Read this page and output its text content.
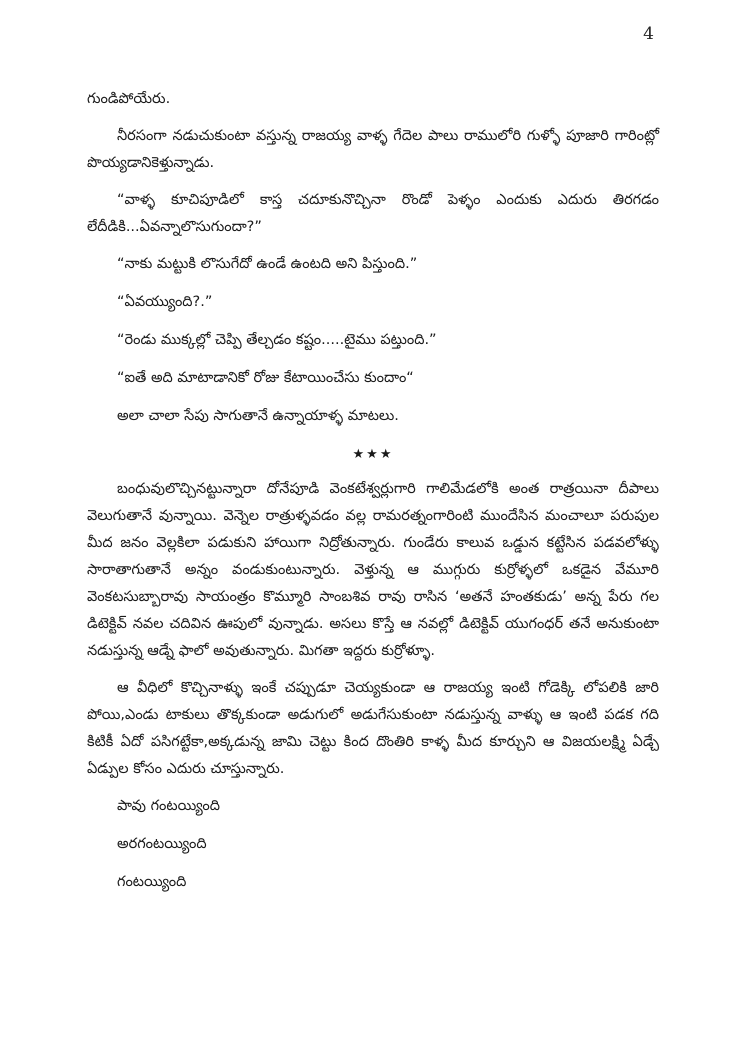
4

గుండిపోయేరు.

నీరసంగా నడుచుకుంటా వస్తున్న రాజయ్య వాళ్ళ గేదెల పాలు రాములోరి గుళ్ళో పూజారి గారింట్లో పొయ్యడానికెళ్తున్నాడు.

“వాళ్ళ కూచిపూడిలో కాస్త చదూకునొచ్చినా రొండో పెళ్ళం ఎందుకు ఎదురు తిరగడం లేదీడికి...ఏవన్నాలొసుగుందా?”

“నాకు మట్టుకి లొసుగేదో ఉండే ఉంటది అని పిస్తుంది.”

“ఏవయ్యుంది?.”

“రెండు ముక్కల్లో చెప్పి తేల్చడం కష్టం.....టైము పట్తుంది.”

“ఐతే అది మాటాడానికో రోజు కేటాయించేసు కుందాం“

అలా చాలా సేపు సాగుతానే ఉన్నాయాళ్ళ మాటలు.

★★★

బంధువులొచ్చినట్టున్నారా దోనేపూడి వెంకటేశ్వర్లుగారి గాలిమేడలోకి అంత రాత్రయినా దీపాలు వెలుగుతానే వున్నాయి. వెన్నెల రాత్రుళ్ళవడం వల్ల రామరత్నంగారింటి ముందేసిన మంచాలూ పరుపుల మీద జనం వెల్లకిలా పడుకుని హాయిగా నిద్రోతున్నారు. గుండేరు కాలువ ఒడ్డున కట్టేసిన పడవలోళ్ళు సారాతాగుతానే అన్నం వండుకుంటున్నారు. వెళ్తున్న ఆ ముగ్గురు కుర్రోళ్ళలో ఒకడైన వేమూరి వెంకటసుబ్బారావు సాయంత్రం కొమ్మూరి సాంబశివ రావు రాసిన ‘అతనే హంతకుడు’ అన్న పేరు గల డిటెక్టివ్ నవల చదివిన ఊపులో వున్నాడు. అసలు కొస్తే ఆ నవల్లో డిటెక్టివ్ యుగంధర్ తనే అనుకుంటా నడుస్తున్న ఆడ్నే ఫాలో అవుతున్నారు. మిగతా ఇద్దరు కుర్రోళ్ళూ.

ఆ వీధిలో కొచ్చినాళ్ళు ఇంకే చప్పుడూ చెయ్యకుండా ఆ రాజయ్య ఇంటి గోడెక్కి లోపలికి జారి పోయి,ఎండు టాకులు తొక్కకుండా అడుగులో అడుగేసుకుంటా నడుస్తున్న వాళ్ళు ఆ ఇంటి పడక గది కిటికీ ఏదో పసిగట్టేకా,అక్కడున్న జామి చెట్టు కింద దొంతిరి కాళ్ళ మీద కూర్చుని ఆ విజయలక్ష్మి ఏడ్చే ఏడ్పుల కోసం ఎదురు చూస్తున్నారు.

పావు గంటయ్యింది

అరగంటయ్యింది

గంటయ్యింది
